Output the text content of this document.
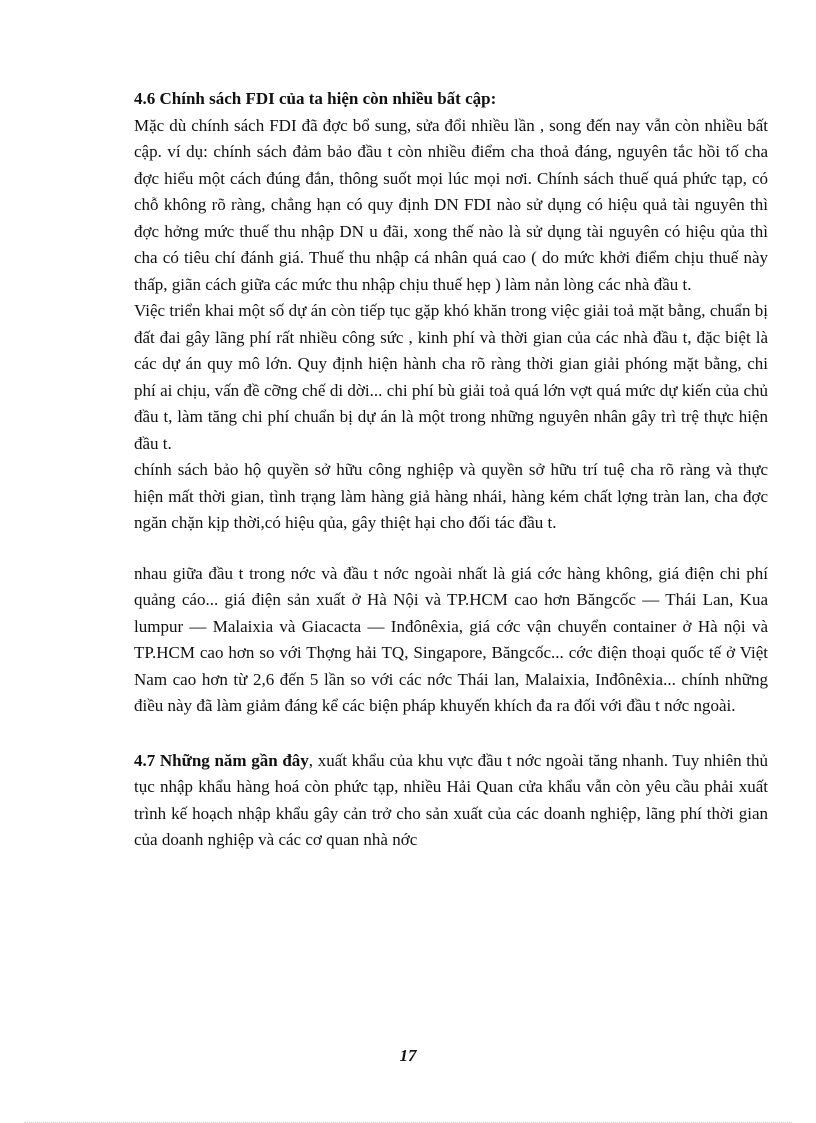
4.6 Chính sách FDI của ta hiện còn nhiều bất cập:

Mặc dù chính sách FDI đã đợc bổ sung, sửa đổi nhiều lần , song đến nay vẫn còn nhiều bất cập. ví dụ: chính sách đảm bảo đầu t còn nhiều điểm cha thoả đáng, nguyên tắc hồi tố cha đợc hiểu một cách đúng đắn, thông suốt mọi lúc mọi nơi. Chính sách thuế quá phức tạp, có chỗ không rõ ràng, chẳng hạn có quy định DN FDI nào sử dụng có hiệu quả tài nguyên thì đợc hởng mức thuế thu nhập DN u đãi, xong thế nào là sử dụng tài nguyên có hiệu qủa thì cha có tiêu chí đánh giá. Thuế thu nhập cá nhân quá cao ( do mức khởi điểm chịu thuế này thấp, giãn cách giữa các mức thu nhập chịu thuế hẹp ) làm nản lòng các nhà đầu t.

Việc triển khai một số dự án còn tiếp tục gặp khó khăn trong việc giải toả mặt bằng, chuẩn bị đất đai gây lãng phí rất nhiều công sức , kinh phí và thời gian của các nhà đầu t, đặc biệt là các dự án quy mô lớn. Quy định hiện hành cha rõ ràng thời gian giải phóng mặt bằng, chi phí ai chịu, vấn đề cỡng chế di dời... chi phí bù giải toả quá lớn vợt quá mức dự kiến của chủ đầu t, làm tăng chi phí chuẩn bị dự án là một trong những nguyên nhân gây trì trệ thực hiện đầu t.

chính sách bảo hộ quyền sở hữu công nghiệp và quyền sở hữu trí tuệ cha rõ ràng và thực hiện mất thời gian, tình trạng làm hàng giả hàng nhái, hàng kém chất lợng tràn lan, cha đợc ngăn chặn kịp thời,có hiệu qủa, gây thiệt hại cho đối tác đầu t.

nhau giữa đầu t trong nớc và đầu t nớc ngoài nhất là giá cớc hàng không, giá điện chi phí quảng cáo... giá điện sản xuất ở Hà Nội và TP.HCM cao hơn Băngcốc — Thái Lan, Kua lumpur — Malaixia và Giacacta — Inđônêxia, giá cớc vận chuyển container ở Hà nội và TP.HCM cao hơn so với Thợng hải TQ, Singapore, Băngcốc... cớc điện thoại quốc tế ở Việt Nam cao hơn từ 2,6 đến 5 lần so với các nớc Thái lan, Malaixia, Inđônêxia... chính những điều này đã làm giảm đáng kể các biện pháp khuyến khích đa ra đối với đầu t nớc ngoài.

4.7 Những năm gần đây, xuất khẩu của khu vực đầu t nớc ngoài tăng nhanh. Tuy nhiên thủ tục nhập khẩu hàng hoá còn phức tạp, nhiều Hải Quan cửa khẩu vẫn còn yêu cầu phải xuất trình kế hoạch nhập khẩu gây cản trở cho sản xuất của các doanh nghiệp, lãng phí thời gian của doanh nghiệp và các cơ quan nhà nớc

17
